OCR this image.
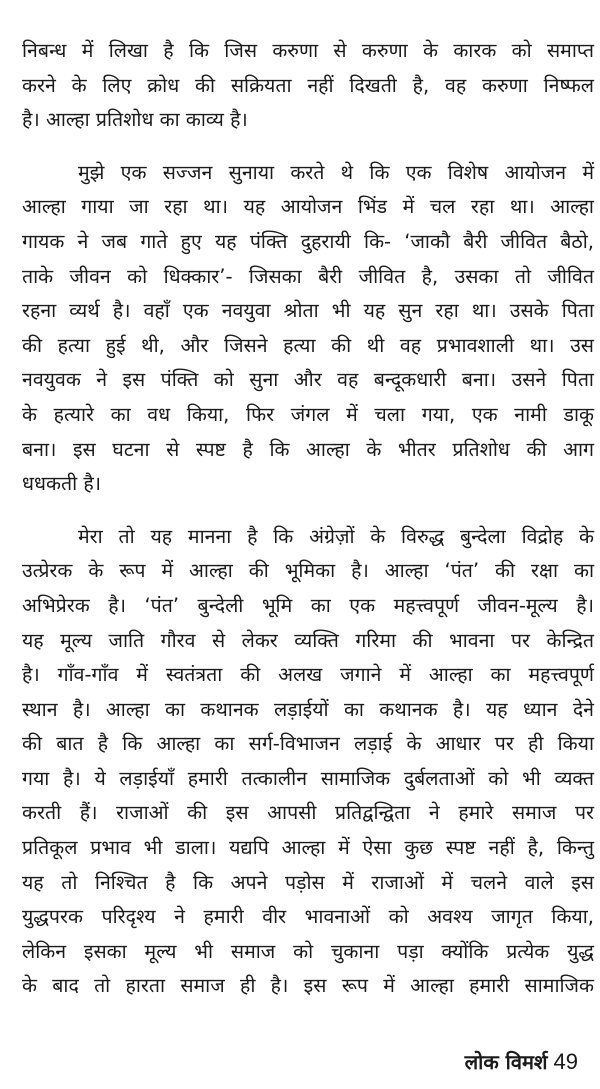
निबन्ध में लिखा है कि जिस करुणा से करुणा के कारक को समाप्त
करने के लिए क्रोध की सक्रियता नहीं दिखती है, वह करुणा निष्फल
है। आल्हा प्रतिशोध का काव्य है।
मुझे एक सज्जन सुनाया करते थे कि एक विशेष आयोजन में
आल्हा गाया जा रहा था। यह आयोजन भिंड में चल रहा था। आल्हा
गायक ने जब गाते हुए यह पंक्ति दुहरायी कि- ‘जाकौ बैरी जीवित बैठो,
ताके जीवन को धिक्कार’- जिसका बैरी जीवित है, उसका तो जीवित
रहना व्यर्थ है। वहाँ एक नवयुवा श्रोता भी यह सुन रहा था। उसके पिता
की हत्या हुई थी, और जिसने हत्या की थी वह प्रभावशाली था। उस
नवयुवक ने इस पंक्ति को सुना और वह बन्दूकधारी बना। उसने पिता
के हत्यारे का वध किया, फिर जंगल में चला गया, एक नामी डाकू
बना। इस घटना से स्पष्ट है कि आल्हा के भीतर प्रतिशोध की आग
धधकती है।
मेरा तो यह मानना है कि अंग्रेज़ों के विरुद्ध बुन्देला विद्रोह के
उत्प्रेरक के रूप में आल्हा की भूमिका है। आल्हा ‘पंत’ की रक्षा का
अभिप्रेरक है। ‘पंत’ बुन्देली भूमि का एक महत्त्वपूर्ण जीवन-मूल्य है।
यह मूल्य जाति गौरव से लेकर व्यक्ति गरिमा की भावना पर केन्द्रित
है। गाँव-गाँव में स्वतंत्रता की अलख जगाने में आल्हा का महत्त्वपूर्ण
स्थान है। आल्हा का कथानक लड़ाईयों का कथानक है। यह ध्यान देने
की बात है कि आल्हा का सर्ग-विभाजन लड़ाई के आधार पर ही किया
गया है। ये लड़ाईयाँ हमारी तत्कालीन सामाजिक दुर्बलताओं को भी व्यक्त
करती हैं। राजाओं की इस आपसी प्रतिद्वन्द्विता ने हमारे समाज पर
प्रतिकूल प्रभाव भी डाला। यद्यपि आल्हा में ऐसा कुछ स्पष्ट नहीं है, किन्तु
यह तो निश्चित है कि अपने पड़ोस में राजाओं में चलने वाले इस
युद्धपरक परिदृश्य ने हमारी वीर भावनाओं को अवश्य जागृत किया,
लेकिन इसका मूल्य भी समाज को चुकाना पड़ा क्योंकि प्रत्येक युद्ध
के बाद तो हारता समाज ही है। इस रूप में आल्हा हमारी सामाजिक
लोक विमर्श 49
